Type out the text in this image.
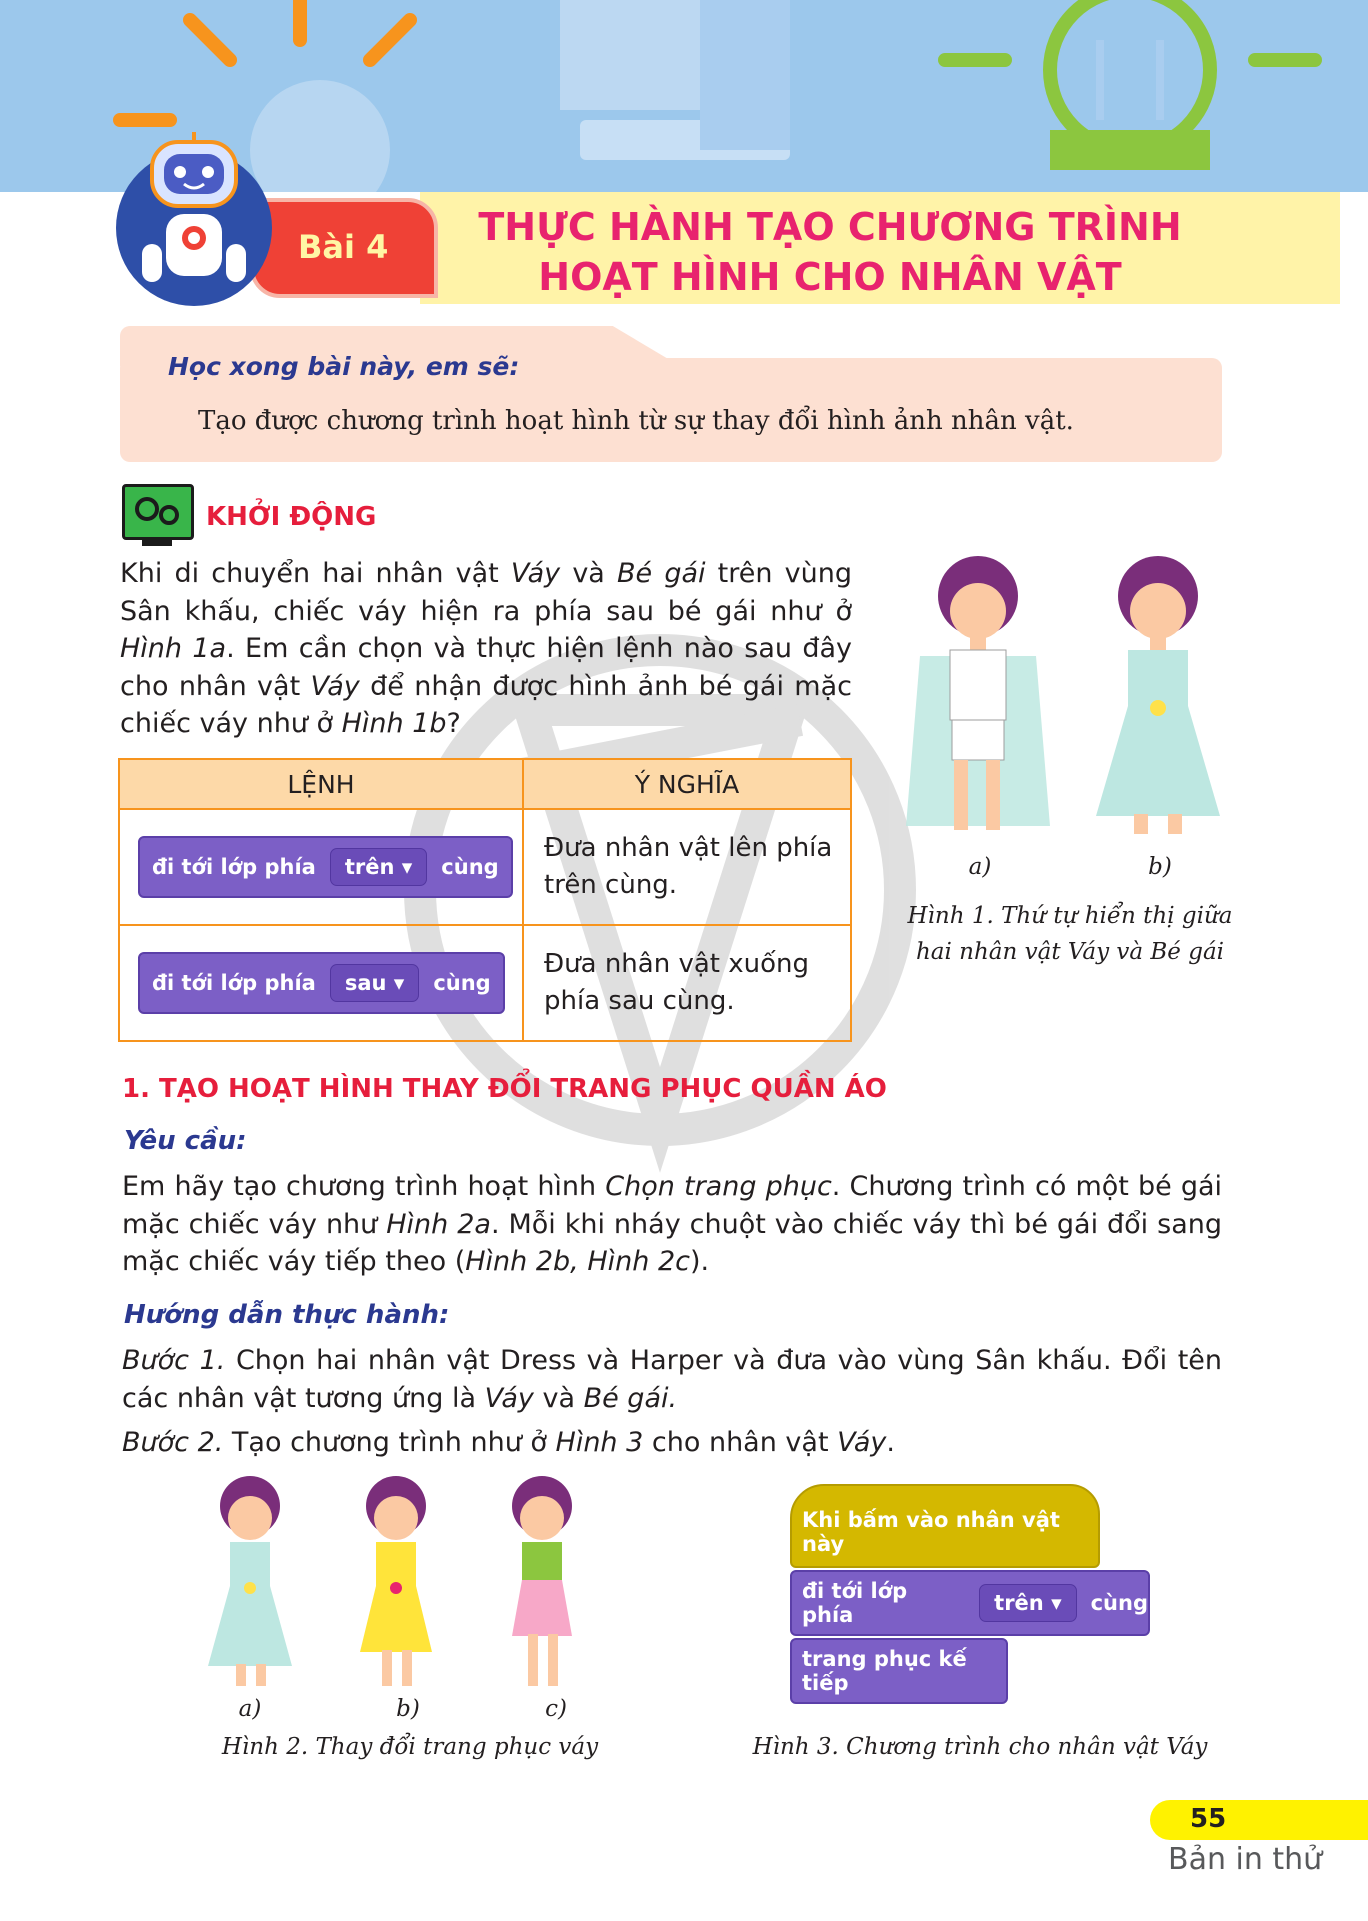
Bài 4	THỰC HÀNH TẠO CHƯƠNG TRÌNH
HOẠT HÌNH CHO NHÂN VẬT
Học xong bài này, em sẽ:
Tạo được chương trình hoạt hình từ sự thay đổi hình ảnh nhân vật.
KHỞI ĐỘNG
Khi di chuyển hai nhân vật Váy và Bé gái trên vùng Sân khấu, chiếc váy hiện ra phía sau bé gái như ở Hình 1a. Em cần chọn và thực hiện lệnh nào sau đây cho nhân vật Váy để nhận được hình ảnh bé gái mặc chiếc váy như ở Hình 1b?
LỆNH	Ý NGHĨA

đi tới lớp phía trên
▾ cùng	Đưa nhân vật lên phía trên cùng.

đi tới lớp phía sau
▾ cùng	Đưa nhân vật xuống phía sau cùng.
a)	b)
Hình 1. Thứ tự hiển thị giữa
hai nhân vật Váy và Bé gái
1. TẠO HOẠT HÌNH THAY ĐỔI TRANG PHỤC QUẦN ÁO
Yêu cầu:
Em hãy tạo chương trình hoạt hình Chọn trang phục. Chương trình có một bé gái mặc chiếc váy như Hình 2a. Mỗi khi nháy chuột vào chiếc váy thì bé gái đổi sang mặc chiếc váy tiếp theo (Hình 2b, Hình 2c).
Hướng dẫn thực hành:
Bước 1. Chọn hai nhân vật Dress và Harper và đưa vào vùng Sân khấu. Đổi tên các nhân vật tương ứng là Váy và Bé gái.
Bước 2. Tạo chương trình như ở Hình 3 cho nhân vật Váy.
a)	b)	c)
Hình 2. Thay đổi trang phục váy
Khi bấm vào nhân vật này
đi tới lớp phía	trên ▾	cùng
trang phục kế tiếp
Hình 3. Chương trình cho nhân vật Váy
55
Bản in thử
